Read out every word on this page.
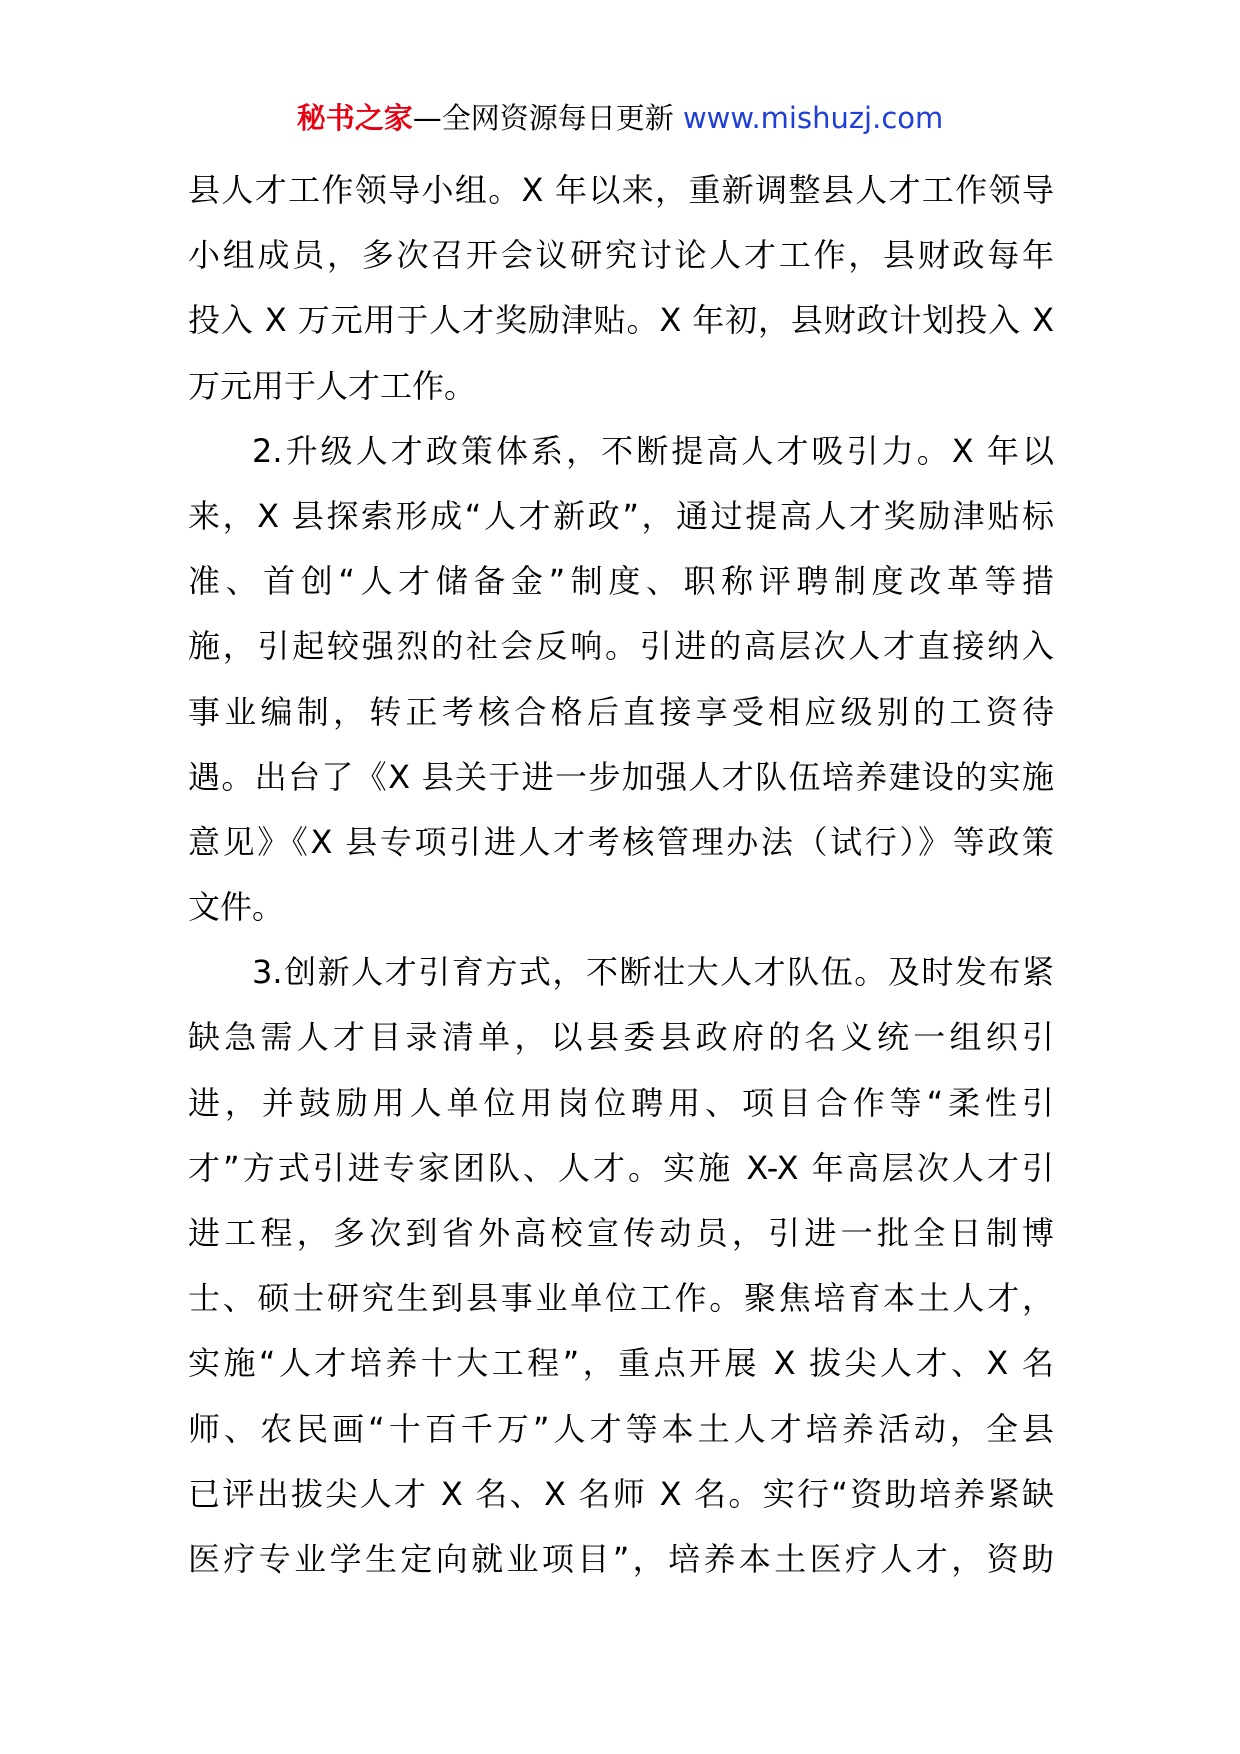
秘书之家—全网资源每日更新 www.mishuzj.com
县人才工作领导小组。X 年以来，重新调整县人才工作领导
小组成员，多次召开会议研究讨论人才工作，县财政每年
投入 X 万元用于人才奖励津贴。X 年初，县财政计划投入 X
万元用于人才工作。
2.升级人才政策体系，不断提高人才吸引力。X 年以
来，X 县探索形成“人才新政”，通过提高人才奖励津贴标
准、首创“人才储备金”制度、职称评聘制度改革等措
施，引起较强烈的社会反响。引进的高层次人才直接纳入
事业编制，转正考核合格后直接享受相应级别的工资待
遇。出台了《X 县关于进一步加强人才队伍培养建设的实施
意见》《X 县专项引进人才考核管理办法（试行）》等政策
文件。
3.创新人才引育方式，不断壮大人才队伍。及时发布紧
缺急需人才目录清单，以县委县政府的名义统一组织引
进，并鼓励用人单位用岗位聘用、项目合作等“柔性引
才”方式引进专家团队、人才。实施 X-X 年高层次人才引
进工程，多次到省外高校宣传动员，引进一批全日制博
士、硕士研究生到县事业单位工作。聚焦培育本土人才，
实施“人才培养十大工程”，重点开展 X 拔尖人才、X 名
师、农民画“十百千万”人才等本土人才培养活动，全县
已评出拔尖人才 X 名、X 名师 X 名。实行“资助培养紧缺
医疗专业学生定向就业项目”，培养本土医疗人才，资助
